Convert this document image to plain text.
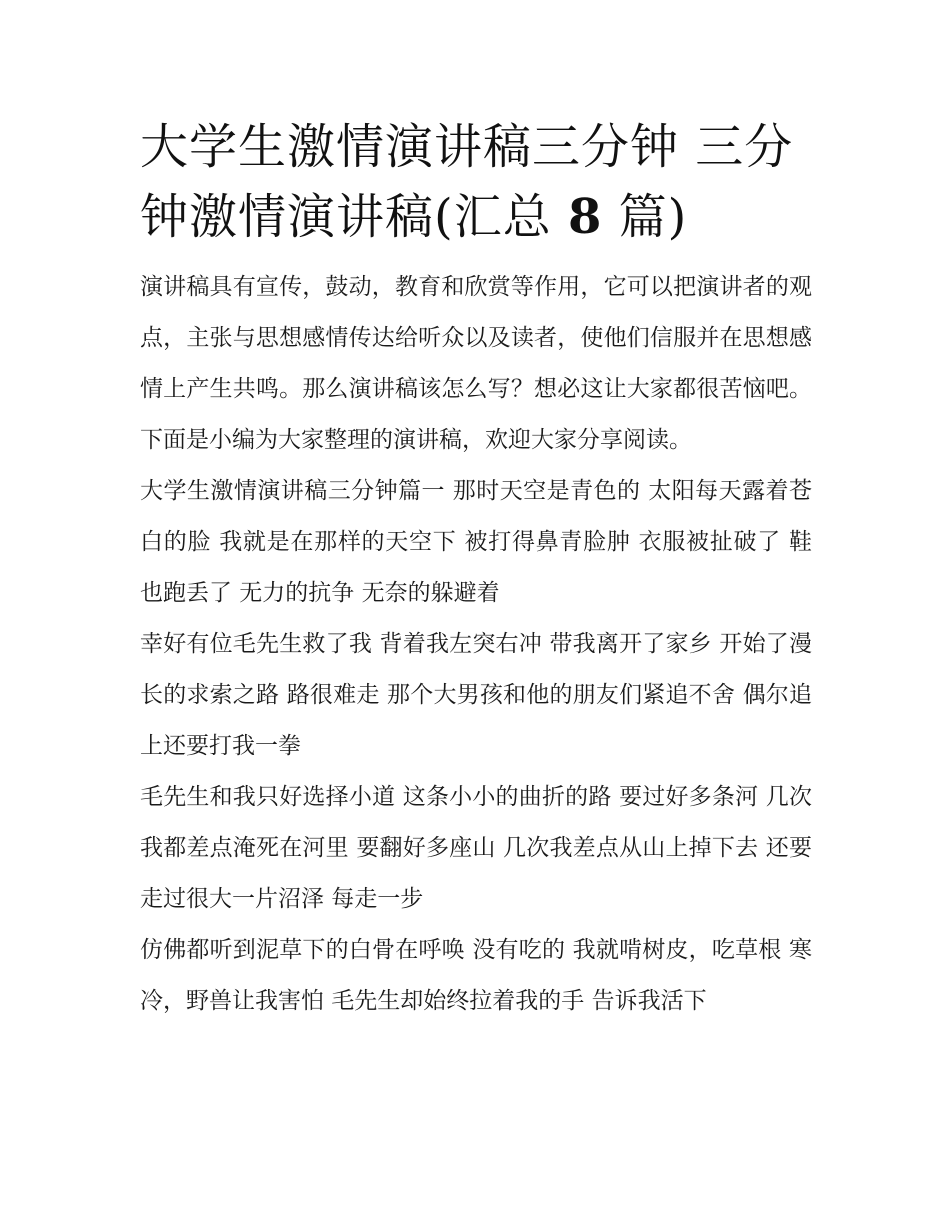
大学生激情演讲稿三分钟 三分钟激情演讲稿(汇总 8 篇)

演讲稿具有宣传，鼓动，教育和欣赏等作用，它可以把演讲者的观点，主张与思想感情传达给听众以及读者，使他们信服并在思想感情上产生共鸣。那么演讲稿该怎么写？想必这让大家都很苦恼吧。下面是小编为大家整理的演讲稿，欢迎大家分享阅读。

大学生激情演讲稿三分钟篇一 那时天空是青色的 太阳每天露着苍白的脸 我就是在那样的天空下 被打得鼻青脸肿 衣服被扯破了 鞋也跑丢了 无力的抗争 无奈的躲避着

幸好有位毛先生救了我 背着我左突右冲 带我离开了家乡 开始了漫长的求索之路 路很难走 那个大男孩和他的朋友们紧追不舍 偶尔追上还要打我一拳

毛先生和我只好选择小道 这条小小的曲折的路 要过好多条河 几次我都差点淹死在河里 要翻好多座山 几次我差点从山上掉下去 还要走过很大一片沼泽 每走一步

仿佛都听到泥草下的白骨在呼唤 没有吃的 我就啃树皮，吃草根 寒冷，野兽让我害怕 毛先生却始终拉着我的手 告诉我活下
